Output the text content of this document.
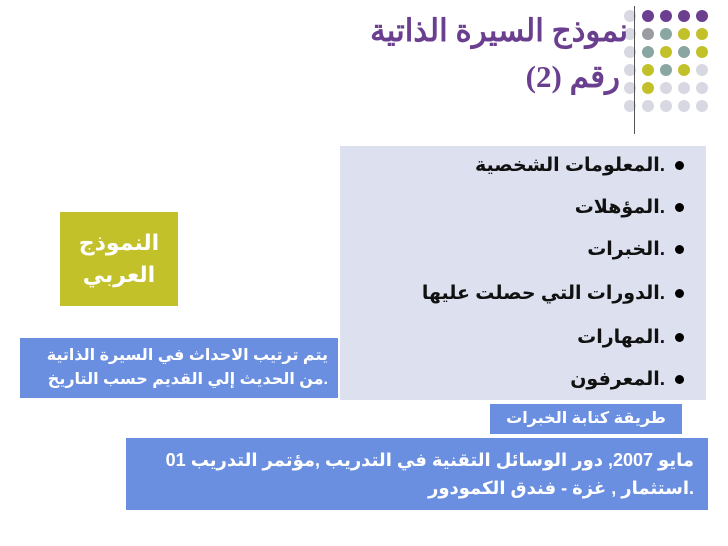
نموذج السيرة الذاتية
رقم (2)
.المعلومات الشخصية
.المؤهلات
.الخبرات
.الدورات التي حصلت عليها
.المهارات
.المعرفون
النموذج
العربي
يتم ترتيب الاحداث في السيرة الذاتية
.من الحديث إلي القديم حسب التاريخ
طريقة كتابة الخبرات
مايو 2007, دور الوسائل التقنية في التدريب ,مؤتمر التدريب 01
.استثمار , غزة - فندق الكمودور
